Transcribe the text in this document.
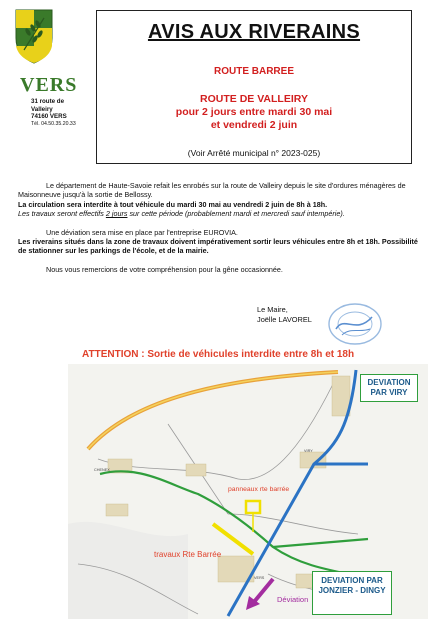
VERS
31 route de
Valleiry
74160 VERS
Tél. 04.50.35.20.33
AVIS AUX RIVERAINS
ROUTE BARREE
ROUTE DE VALLEIRY
pour 2 jours entre mardi 30 mai
et vendredi 2 juin
(Voir Arrêté municipal n° 2023-025)

Le département de Haute-Savoie refait les enrobés sur la route de Valleiry depuis le site d'ordures ménagères de Maisonneuve jusqu'à la sortie de Bellossy.

La circulation sera interdite à tout véhicule du mardi 30 mai au vendredi 2 juin de 8h à 18h.

Les travaux seront effectifs 2 jours sur cette période (probablement mardi et mercredi sauf intempérie).

Une déviation sera mise en place par l'entreprise EUROVIA.

Les riverains situés dans la zone de travaux doivent impérativement sortir leurs véhicules entre 8h et 18h. Possibilité de stationner sur les parkings de l'école, et de la mairie.

Nous vous remercions de votre compréhension pour la gêne occasionnée.

Le Maire,
Joëlle LAVOREL
ATTENTION : Sortie de véhicules interdite entre 8h et 18h
VIRY
CHENEX
VERS
panneaux rte barrée
travaux Rte Barrée
Déviation
DEVIATION PAR VIRY
DEVIATION PAR JONZIER - DINGY
